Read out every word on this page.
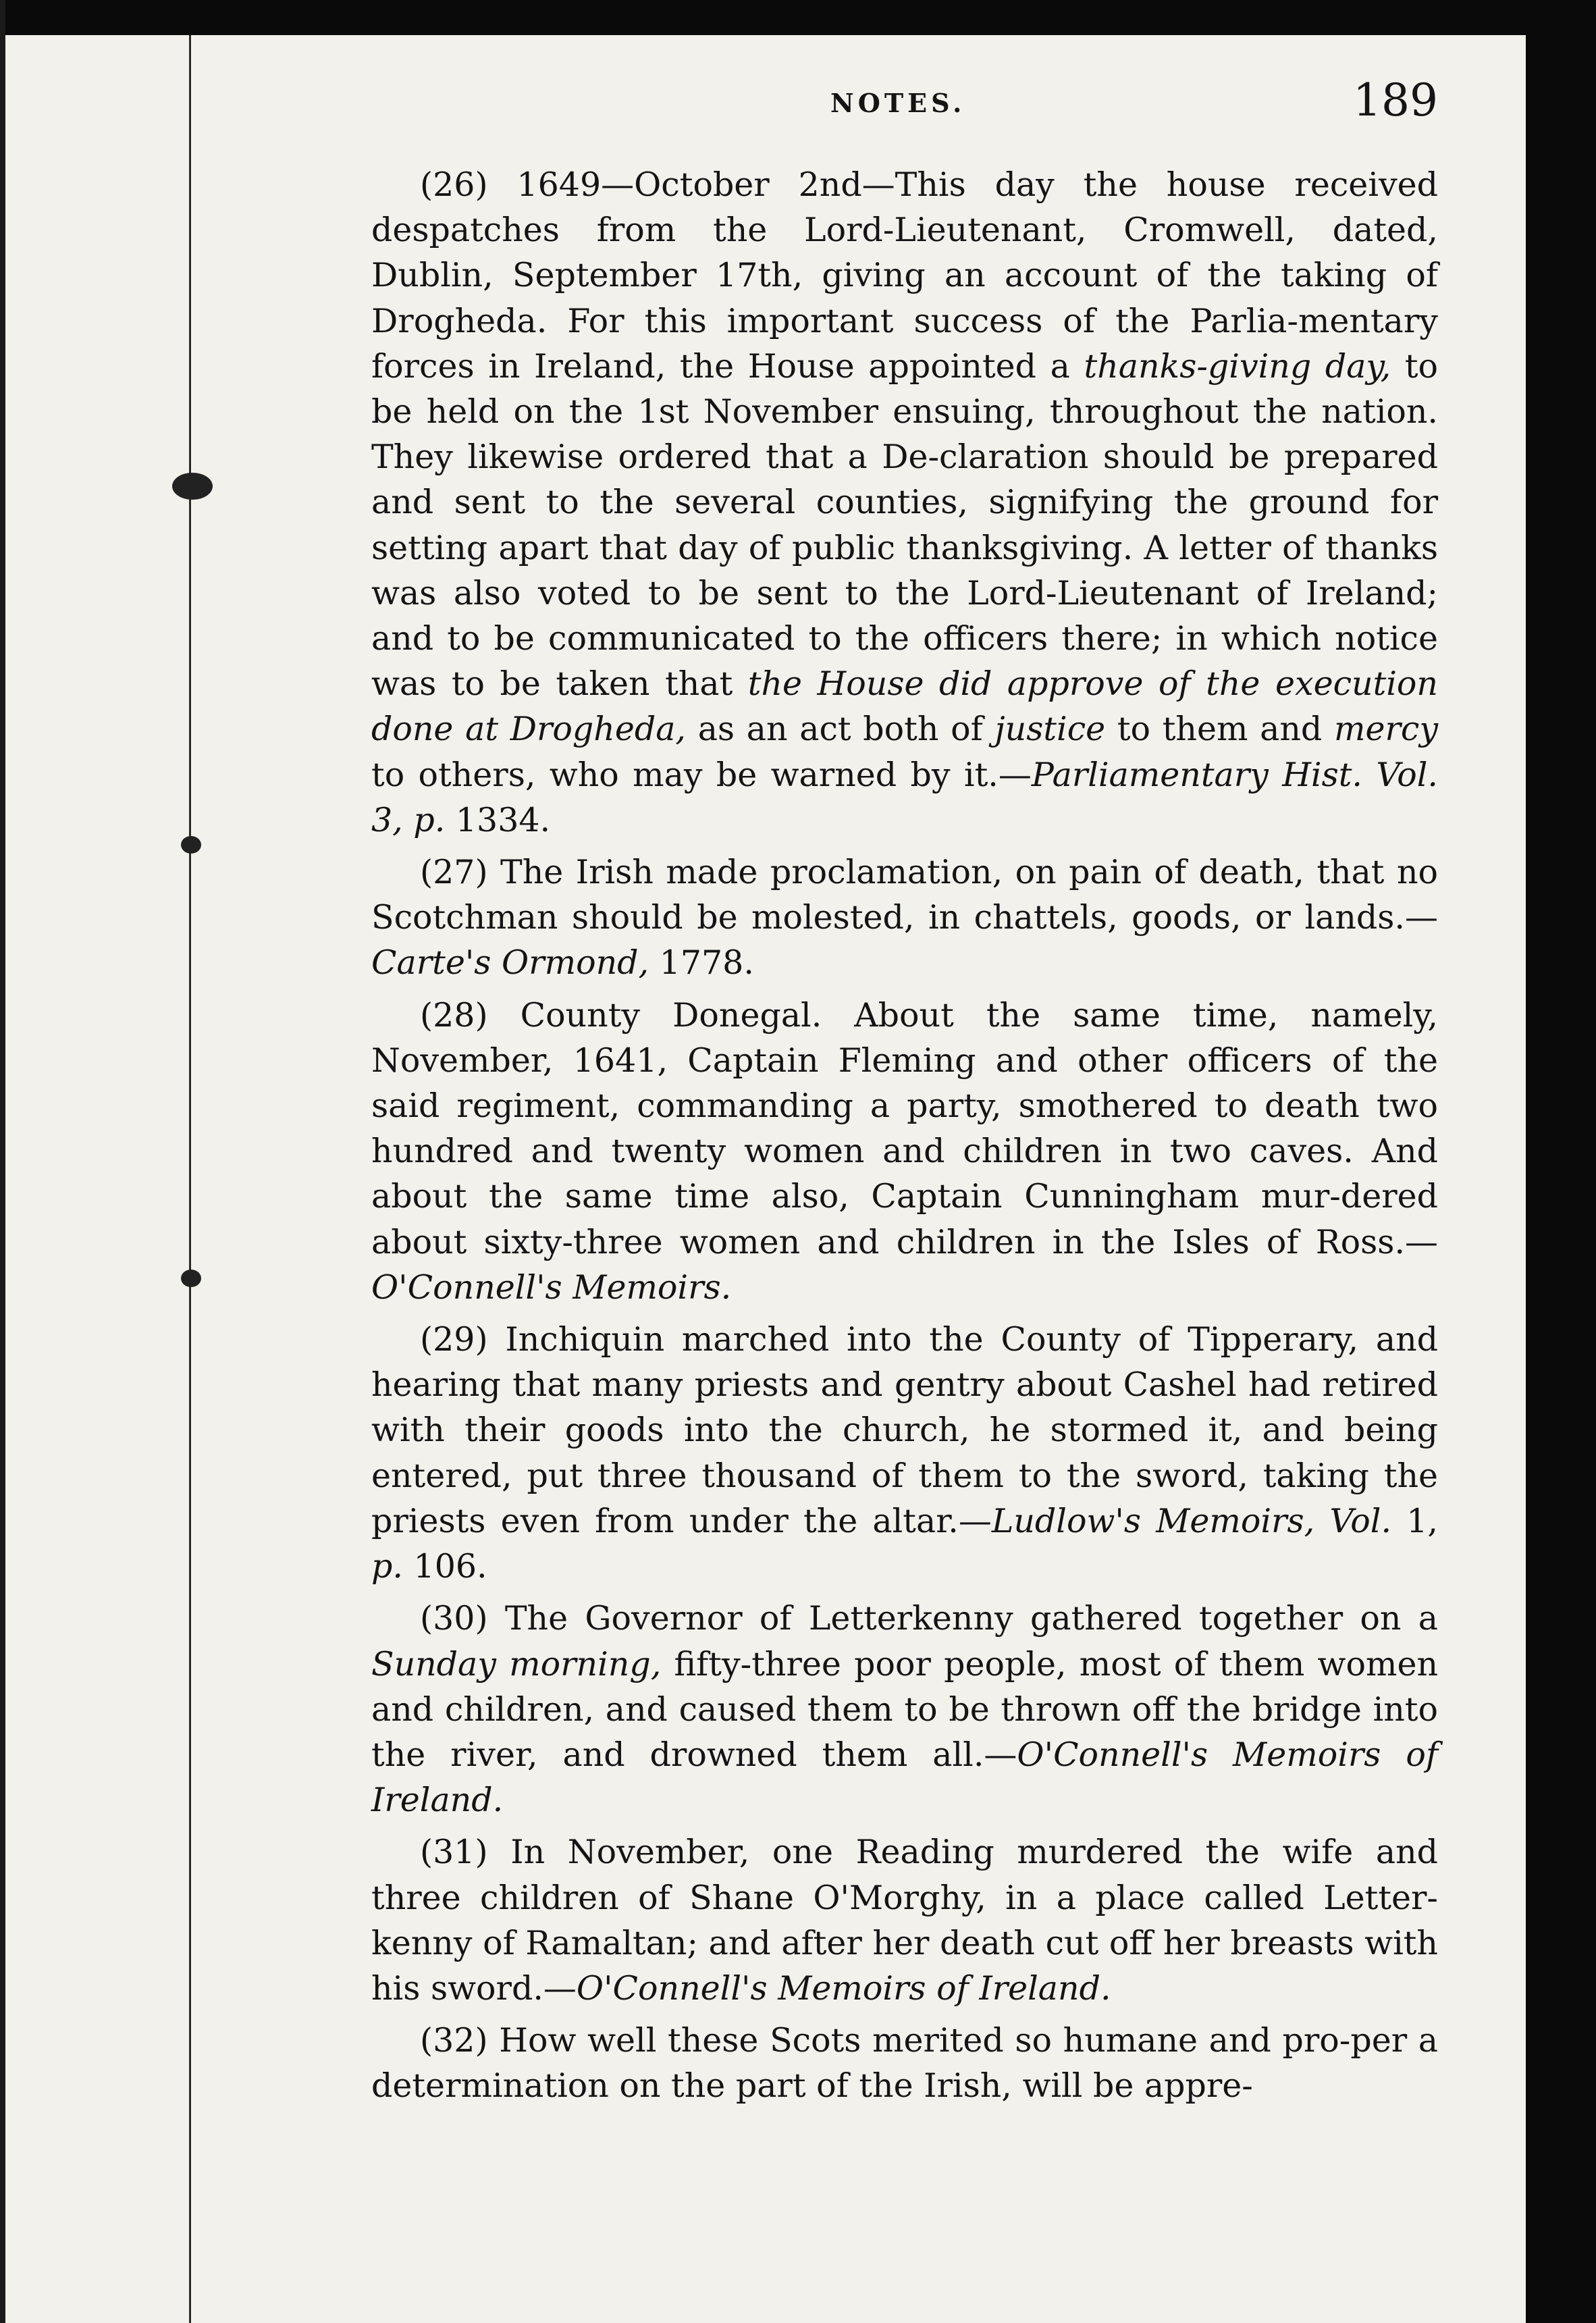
NOTES.	189

(26) 1649—October 2nd—This day the house received despatches from the Lord-Lieutenant, Cromwell, dated, Dublin, September 17th, giving an account of the taking of Drogheda. For this important success of the Parlia-mentary forces in Ireland, the House appointed a thanks-giving day, to be held on the 1st November ensuing, throughout the nation. They likewise ordered that a De-claration should be prepared and sent to the several counties, signifying the ground for setting apart that day of public thanksgiving. A letter of thanks was also voted to be sent to the Lord-Lieutenant of Ireland; and to be communicated to the officers there; in which notice was to be taken that the House did approve of the execution done at Drogheda, as an act both of justice to them and mercy to others, who may be warned by it.—Parliamentary Hist. Vol. 3, p. 1334.

(27) The Irish made proclamation, on pain of death, that no Scotchman should be molested, in chattels, goods, or lands.—Carte's Ormond, 1778.

(28) County Donegal. About the same time, namely, November, 1641, Captain Fleming and other officers of the said regiment, commanding a party, smothered to death two hundred and twenty women and children in two caves. And about the same time also, Captain Cunningham mur-dered about sixty-three women and children in the Isles of Ross.—O'Connell's Memoirs.

(29) Inchiquin marched into the County of Tipperary, and hearing that many priests and gentry about Cashel had retired with their goods into the church, he stormed it, and being entered, put three thousand of them to the sword, taking the priests even from under the altar.—Ludlow's Memoirs, Vol. 1, p. 106.

(30) The Governor of Letterkenny gathered together on a Sunday morning, fifty-three poor people, most of them women and children, and caused them to be thrown off the bridge into the river, and drowned them all.—O'Connell's Memoirs of Ireland.

(31) In November, one Reading murdered the wife and three children of Shane O'Morghy, in a place called Letter-kenny of Ramaltan; and after her death cut off her breasts with his sword.—O'Connell's Memoirs of Ireland.

(32) How well these Scots merited so humane and pro-per a determination on the part of the Irish, will be appre-
